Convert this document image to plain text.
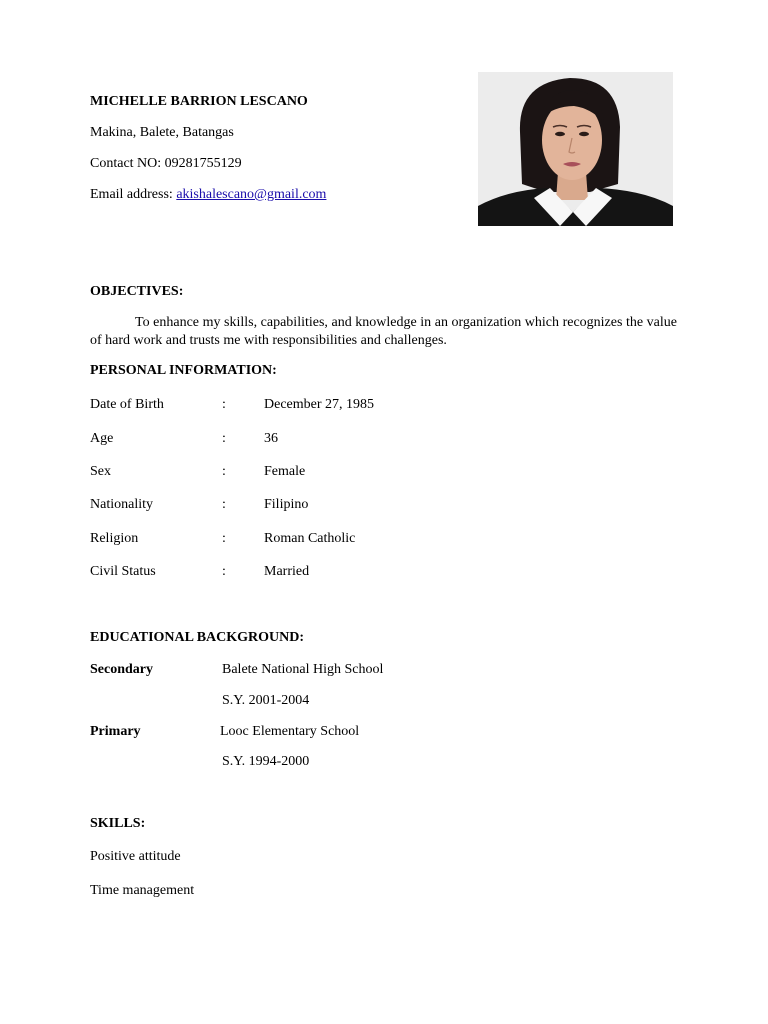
MICHELLE BARRION LESCANO
Makina, Balete, Batangas
Contact NO: 09281755129
Email address: akishalescano@gmail.com
OBJECTIVES:
To enhance my skills, capabilities, and knowledge in an organization which recognizes the value of hard work and trusts me with responsibilities and challenges.
PERSONAL INFORMATION:
Date of Birth	:	December 27, 1985
Age	:	36
Sex	:	Female
Nationality	:	Filipino
Religion	:	Roman Catholic
Civil Status	:	Married
EDUCATIONAL BACKGROUND:
Secondary	Balete National High School
S.Y. 2001-2004
Primary	Looc Elementary School
S.Y. 1994-2000
SKILLS:
Positive attitude
Time management
